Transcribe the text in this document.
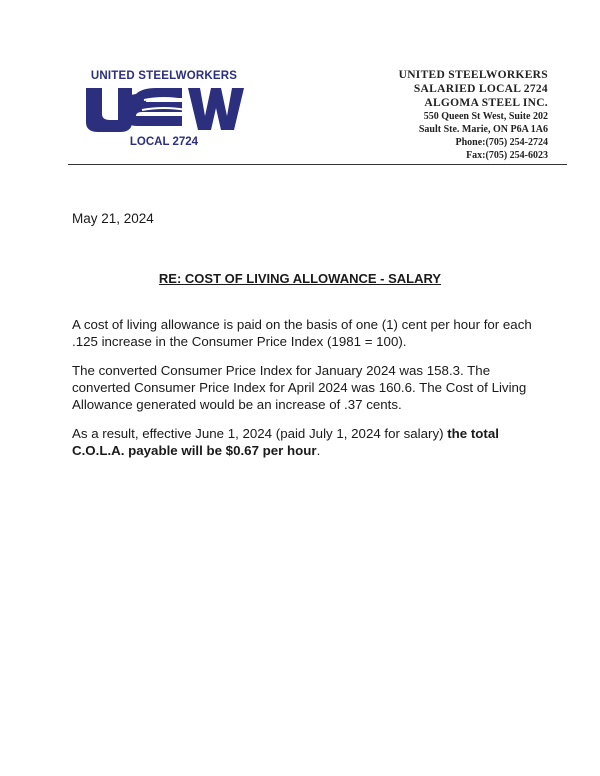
UNITED STEELWORKERS
LOCAL 2724
UNITED STEELWORKERS
SALARIED LOCAL 2724
ALGOMA STEEL INC.
550 Queen St West, Suite 202
Sault Ste. Marie, ON P6A 1A6
Phone:(705) 254-2724
Fax:(705) 254-6023
May 21, 2024
RE: COST OF LIVING ALLOWANCE - SALARY
A cost of living allowance is paid on the basis of one (1) cent per hour for each .125 increase in the Consumer Price Index (1981 = 100).
The converted Consumer Price Index for January 2024 was 158.3. The converted Consumer Price Index for April 2024 was 160.6. The Cost of Living Allowance generated would be an increase of .37 cents.
As a result, effective June 1, 2024 (paid July 1, 2024 for salary) the total C.O.L.A. payable will be $0.67 per hour.
